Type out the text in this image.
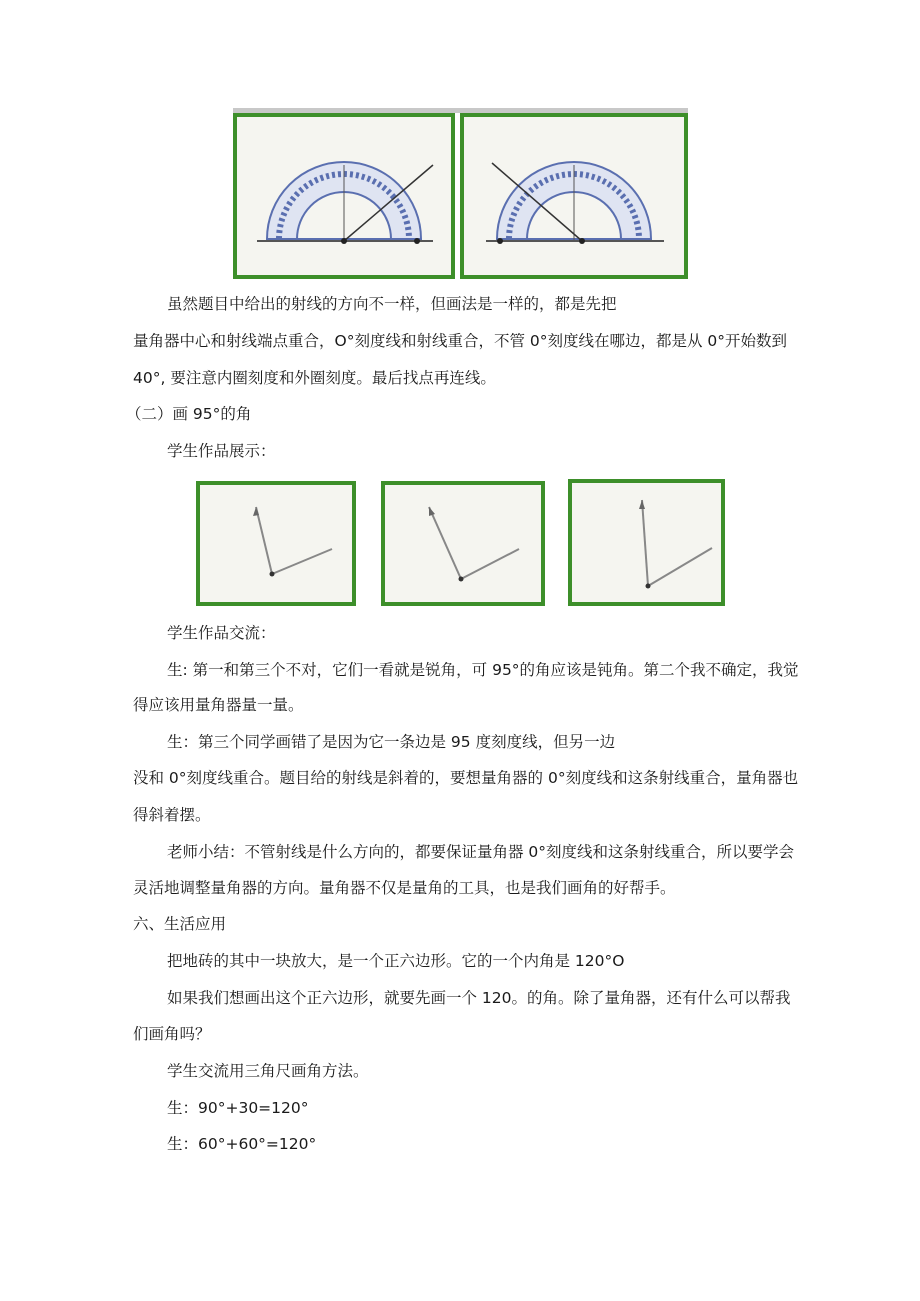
虽然题目中给出的射线的方向不一样，但画法是一样的，都是先把
量角器中心和射线端点重合，O°刻度线和射线重合，不管 0°刻度线在哪边，都是从 0°开始数到
40°, 要注意内圈刻度和外圈刻度。最后找点再连线。
（二）画 95°的角
学生作品展示：
学生作品交流：
生: 第一和第三个不对，它们一看就是锐角，可 95°的角应该是钝角。第二个我不确定，我觉
得应该用量角器量一量。
生：第三个同学画错了是因为它一条边是 95 度刻度线，但另一边
没和 0°刻度线重合。题目给的射线是斜着的，要想量角器的 0°刻度线和这条射线重合，量角器也
得斜着摆。
老师小结：不管射线是什么方向的，都要保证量角器 0°刻度线和这条射线重合，所以要学会
灵活地调整量角器的方向。量角器不仅是量角的工具，也是我们画角的好帮手。
六、生活应用
把地砖的其中一块放大，是一个正六边形。它的一个内角是 120°O
如果我们想画出这个正六边形，就要先画一个 120。的角。除了量角器，还有什么可以帮我
们画角吗？
学生交流用三角尺画角方法。
生：90°+30=120°
生：60°+60°=120°
